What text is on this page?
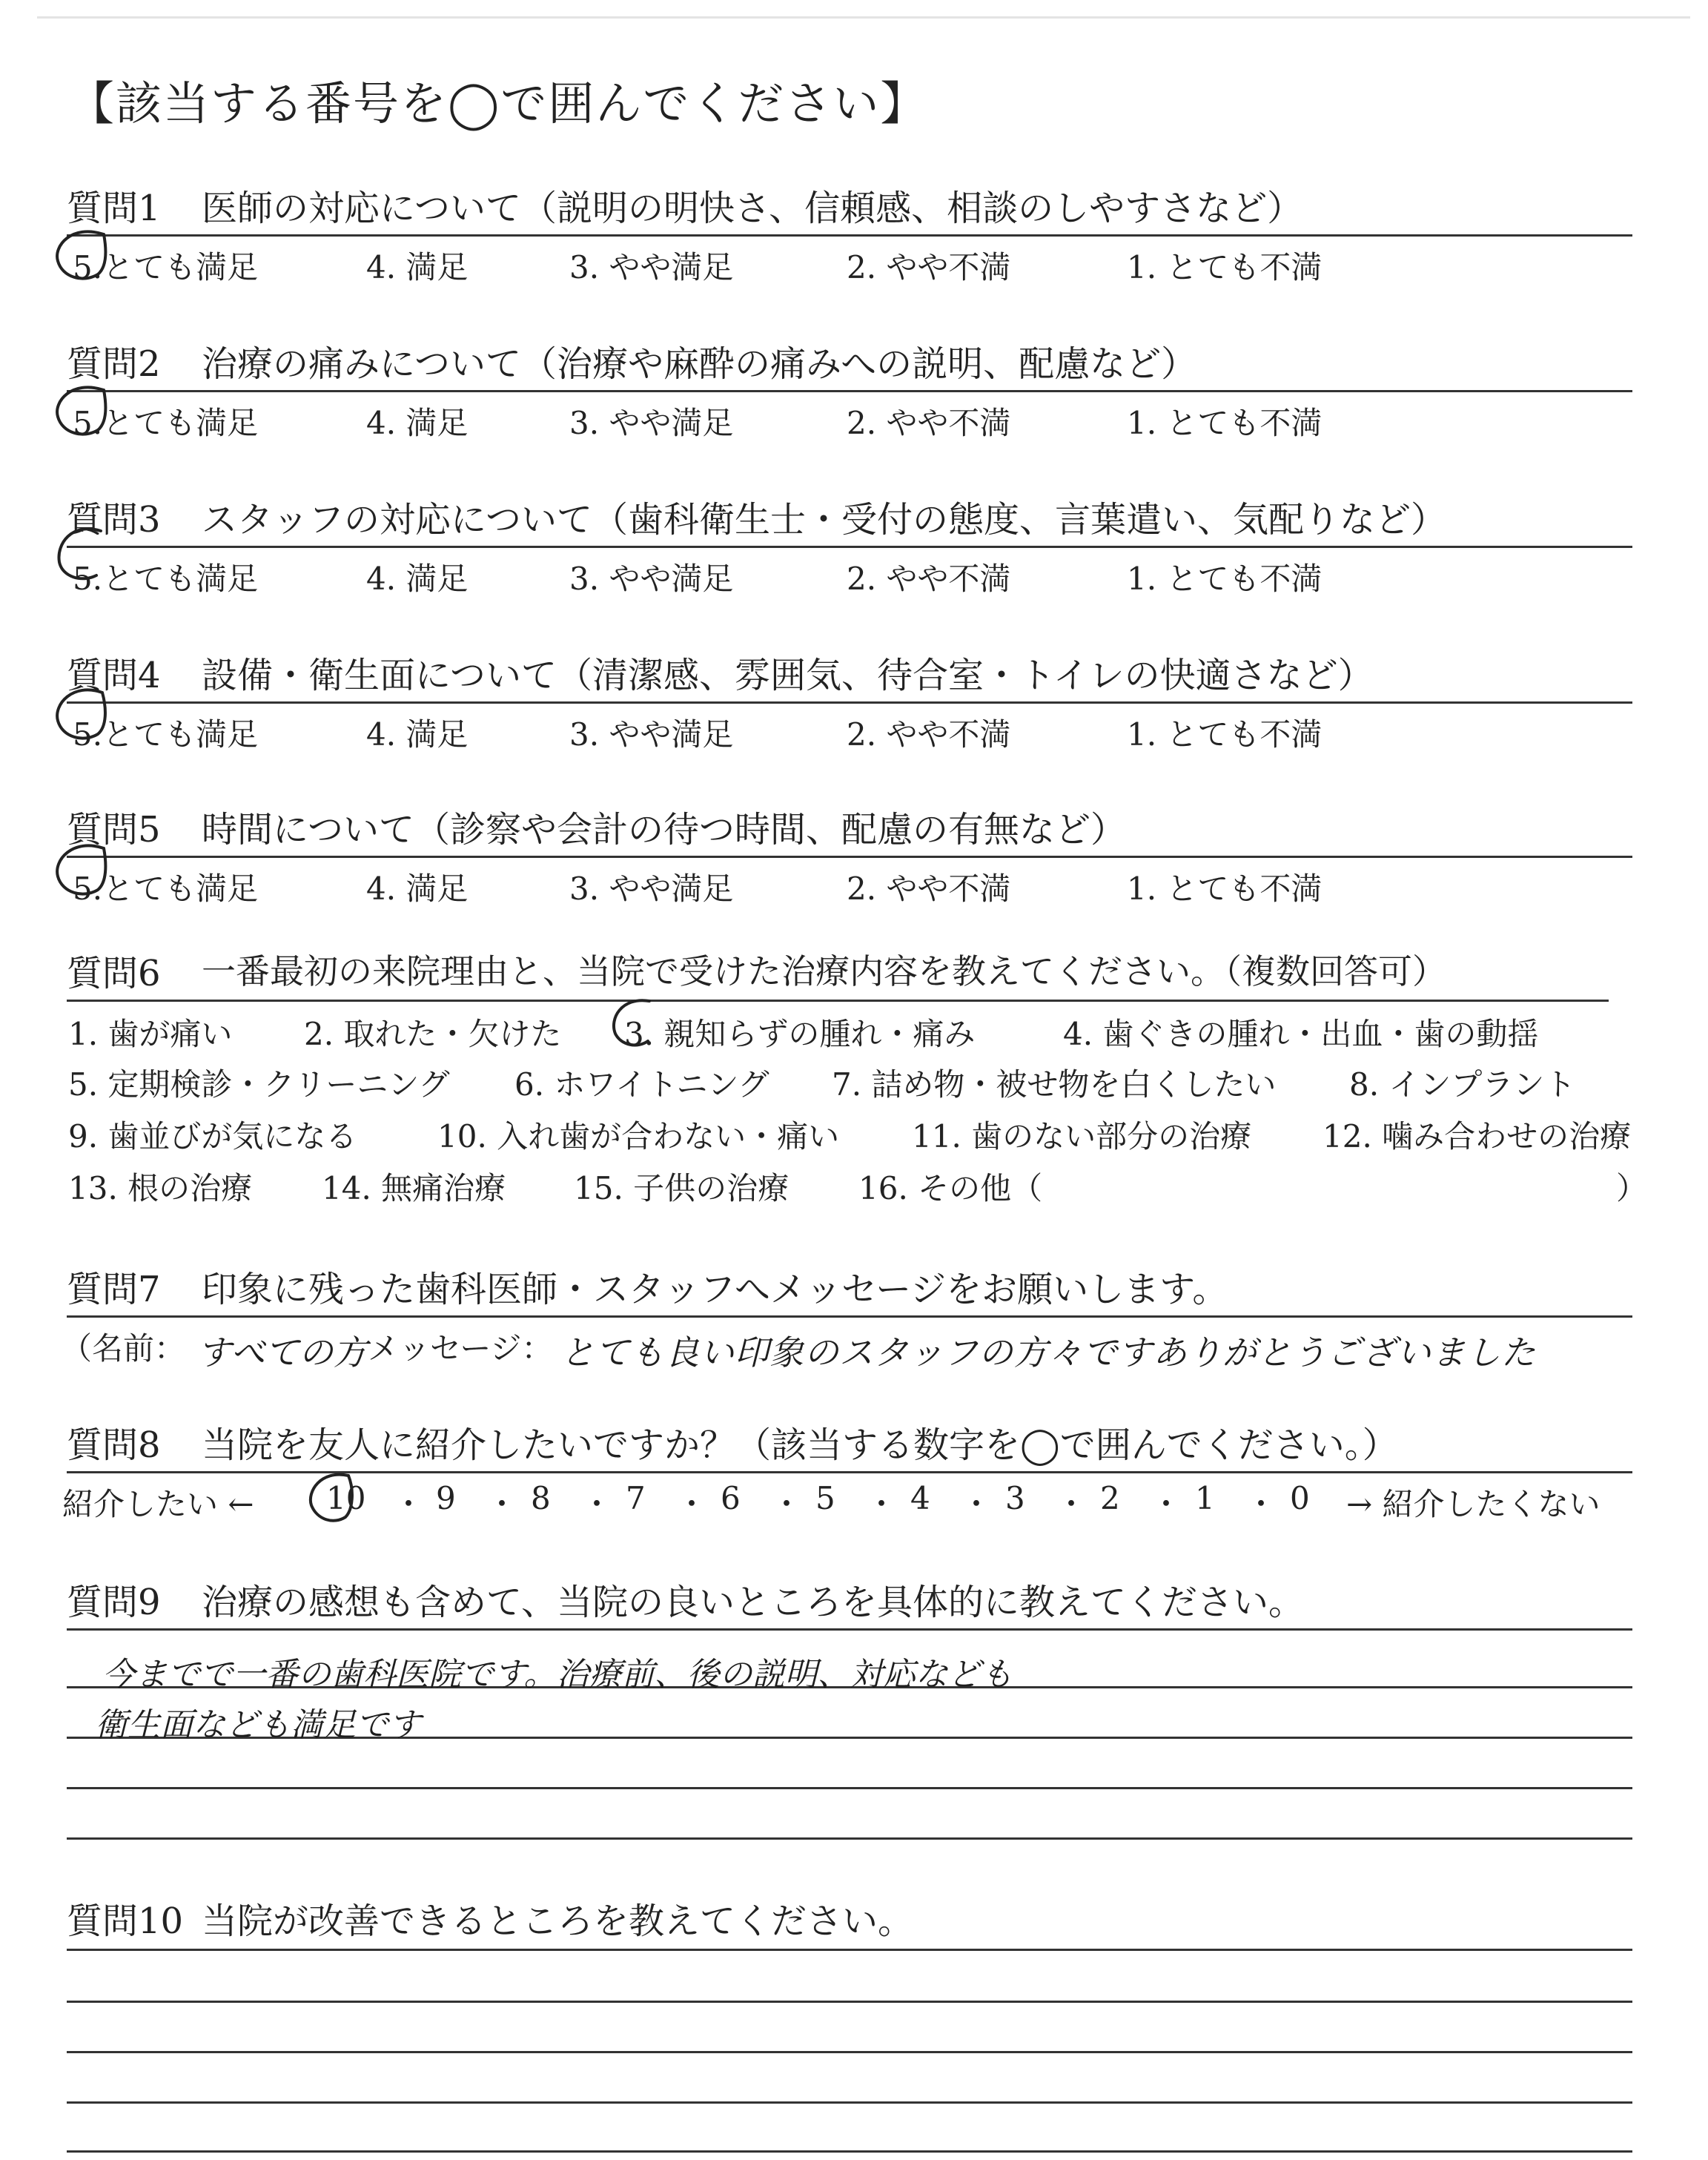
【該当する番号を◯で囲んでください】
質問1 医師の対応について（説明の明快さ、信頼感、相談のしやすさなど）
5.とても満足	4. 満足	3. やや満足	2. やや不満	1. とても不満
質問2 治療の痛みについて（治療や麻酔の痛みへの説明、配慮など）
5.とても満足	4. 満足	3. やや満足	2. やや不満	1. とても不満
質問3 スタッフの対応について（歯科衛生士・受付の態度、言葉遣い、気配りなど）
5.とても満足	4. 満足	3. やや満足	2. やや不満	1. とても不満
質問4 設備・衛生面について（清潔感、雰囲気、待合室・トイレの快適さなど）
5.とても満足	4. 満足	3. やや満足	2. やや不満	1. とても不満
質問5 時間について（診察や会計の待つ時間、配慮の有無など）
5.とても満足	4. 満足	3. やや満足	2. やや不満	1. とても不満
質問6 一番最初の来院理由と、当院で受けた治療内容を教えてください。（複数回答可）
1. 歯が痛い 2. 取れた・欠けた 3. 親知らずの腫れ・痛み	4. 歯ぐきの腫れ・出血・歯の動揺
5. 定期検診・クリーニング 6. ホワイトニング 7. 詰め物・被せ物を白くしたい 8. インプラント
9. 歯並びが気になる	10. 入れ歯が合わない・痛い 11. 歯のない部分の治療 12. 噛み合わせの治療
13. 根の治療 14. 無痛治療 15. 子供の治療 16. その他（	）
質問7 印象に残った歯科医師・スタッフへメッセージをお願いします。
（名前： すべての方 メッセージ： とても良い印象のスタッフの方々ですありがとうございました
質問8 当院を友人に紹介したいですか？（該当する数字を◯で囲んでください。）
紹介したい ← 10 ・ 9 ・ 8 ・ 7 ・ 6 ・ 5 ・ 4 ・ 3 ・ 2 ・ 1 ・ 0 → 紹介したくない
質問9 治療の感想も含めて、当院の良いところを具体的に教えてください。
今までで一番の歯科医院です。治療前、後の説明、対応なども
衛生面なども満足です
質問10 当院が改善できるところを教えてください。
